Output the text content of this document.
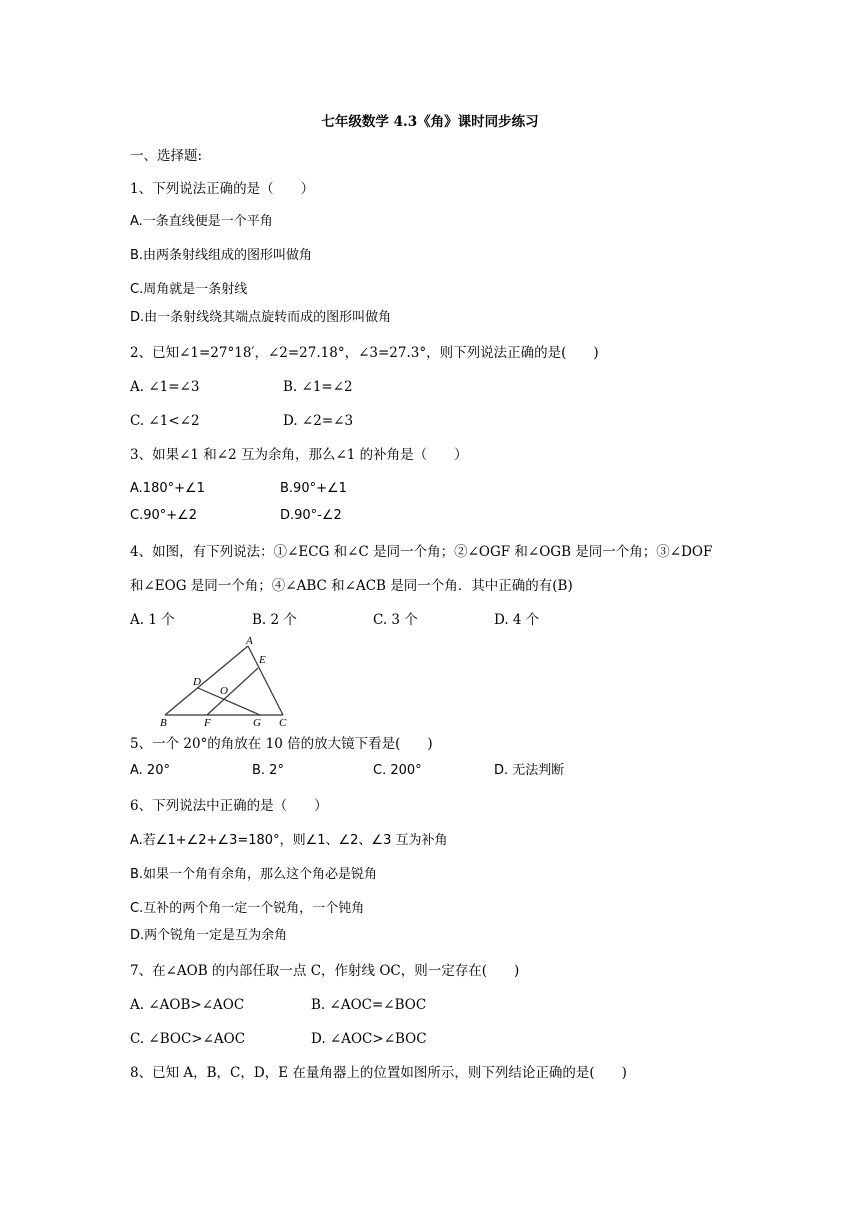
七年级数学 4.3《角》课时同步练习
一、选择题:
1、下列说法正确的是（　　）
A.一条直线便是一个平角
B.由两条射线组成的图形叫做角
C.周角就是一条射线
D.由一条射线绕其端点旋转而成的图形叫做角
2、已知∠1=27°18′，∠2=27.18°，∠3=27.3°，则下列说法正确的是(　　)
A. ∠1=∠3	B. ∠1=∠2
C. ∠1<∠2	D. ∠2=∠3
3、如果∠1 和∠2 互为余角，那么∠1 的补角是（　　）
A.180°+∠1	B.90°+∠1
C.90°+∠2	D.90°-∠2
4、如图，有下列说法：①∠ECG 和∠C 是同一个角；②∠OGF 和∠OGB 是同一个角；③∠DOF
和∠EOG 是同一个角；④∠ABC 和∠ACB 是同一个角．其中正确的有(B)
A. 1 个	B. 2 个	C. 3 个	D. 4 个
A
E
D
O
B	F	G C
5、一个 20°的角放在 10 倍的放大镜下看是(　　)
A. 20°	B. 2°	C. 200°	D. 无法判断
6、下列说法中正确的是（　　）
A.若∠1+∠2+∠3=180°，则∠1、∠2、∠3 互为补角
B.如果一个角有余角，那么这个角必是锐角
C.互补的两个角一定一个锐角，一个钝角
D.两个锐角一定是互为余角
7、在∠AOB 的内部任取一点 C，作射线 OC，则一定存在(　　)
A. ∠AOB>∠AOC	B. ∠AOC=∠BOC
C. ∠BOC>∠AOC	D. ∠AOC>∠BOC
8、已知 A，B，C，D，E 在量角器上的位置如图所示，则下列结论正确的是(　　)
